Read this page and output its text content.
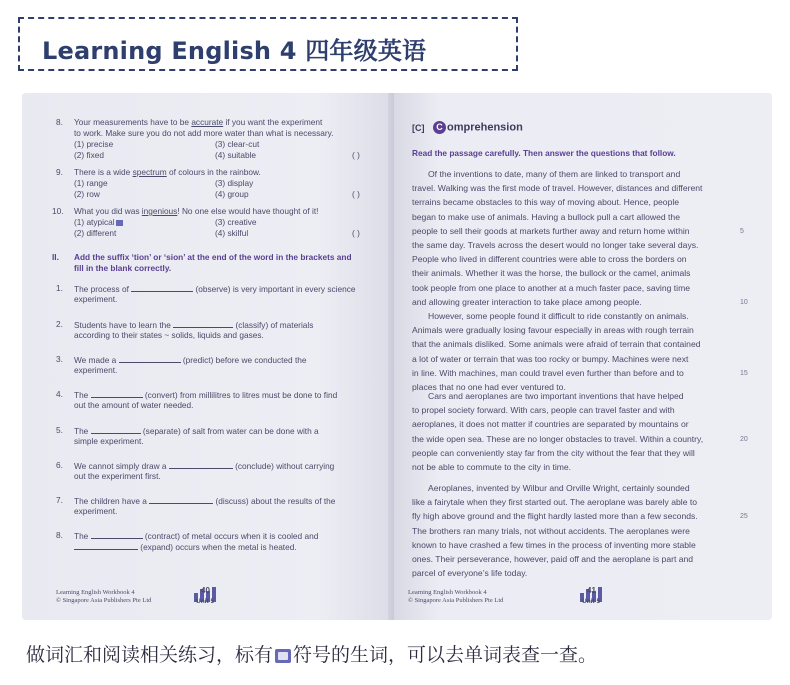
Learning English 4 四年级英语
8. Your measurements have to be accurate if you want the experiment
to work. Make sure you do not add more water than what is necessary.
(1) precise	(3) clear-cut
(2) fixed	(4) suitable	( )
9. There is a wide spectrum of colours in the rainbow.
(1) range	(3) display
(2) row	(4) group	( )
10. What you did was ingenious! No one else would have thought of it!
(1) atypical	(3) creative
(2) different	(4) skilful	( )
II. Add the suffix ‘tion’ or ‘sion’ at the end of the word in the brackets and
fill in the blank correctly.
1. The process of	(observe) is very important in every science
experiment.
2. Students have to learn the	(classify) of materials
according to their states ~ solids, liquids and gases.
3. We made a	(predict) before we conducted the
experiment.
4. The	(convert) from millilitres to litres must be done to find
out the amount of water needed.
5. The	(separate) of salt from water can be done with a
simple experiment.
6. We cannot simply draw a	(conclude) without carrying
out the experiment first.
7. The children have a	(discuss) about the results of the
experiment.
8. The	(contract) of metal occurs when it is cooled and
(expand) occurs when the metal is heated.
Learning English Workbook 4
© Singapore Asia Publishers Pte Ltd
40
Unit 5
[C]	C omprehension
Read the passage carefully. Then answer the questions that follow.
Of the inventions to date, many of them are linked to transport and
travel. Walking was the first mode of travel. However, distances and different
terrains became obstacles to this way of moving about. Hence, people
began to make use of animals. Having a bullock pull a cart allowed the
people to sell their goods at markets further away and return home within	5
the same day. Travels across the desert would no longer take several days.
People who lived in different countries were able to cross the borders on
their animals. Whether it was the horse, the bullock or the camel, animals
took people from one place to another at a much faster pace, saving time
and allowing greater interaction to take place among people.	10
However, some people found it difficult to ride constantly on animals.
Animals were gradually losing favour especially in areas with rough terrain
that the animals disliked. Some animals were afraid of terrain that contained
a lot of water or terrain that was too rocky or bumpy. Machines were next
in line. With machines, man could travel even further than before and to	15
places that no one had ever ventured to.
Cars and aeroplanes are two important inventions that have helped
to propel society forward. With cars, people can travel faster and with
aeroplanes, it does not matter if countries are separated by mountains or
the wide open sea. These are no longer obstacles to travel. Within a country,	20
people can conveniently stay far from the city without the fear that they will
not be able to commute to the city in time.
Aeroplanes, invented by Wilbur and Orville Wright, certainly sounded
like a fairytale when they first started out. The aeroplane was barely able to
fly high above ground and the flight hardly lasted more than a few seconds.	25
The brothers ran many trials, not without accidents. The aeroplanes were
known to have crashed a few times in the process of inventing more stable
ones. Their perseverance, however, paid off and the aeroplane is part and
parcel of everyone’s life today.
Learning English Workbook 4
© Singapore Asia Publishers Pte Ltd
41
Unit 5
做词汇和阅读相关练习，标有 符号的生词，可以去单词表查一查。
